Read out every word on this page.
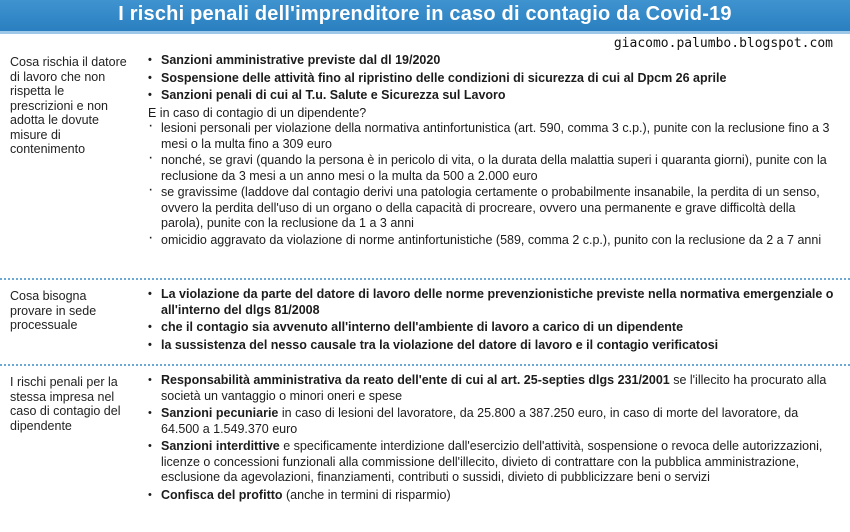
I rischi penali dell'imprenditore in caso di contagio da Covid-19
giacomo.palumbo.blogspot.com
Cosa rischia il datore di lavoro che non rispetta le prescrizioni e non adotta le dovute misure di contenimento
• Sanzioni amministrative previste dal dl 19/2020
• Sospensione delle attività fino al ripristino delle condizioni di sicurezza di cui al Dpcm 26 aprile
• Sanzioni penali di cui al T.u. Salute e Sicurezza sul Lavoro
E in caso di contagio di un dipendente?
· lesioni personali per violazione della normativa antinfortunistica (art. 590, comma 3 c.p.), punite con la reclusione fino a 3 mesi o la multa fino a 309 euro
· nonché, se gravi (quando la persona è in pericolo di vita, o la durata della malattia superi i quaranta giorni), punite con la reclusione da 3 mesi a un anno mesi o la multa da 500 a 2.000 euro
· se gravissime (laddove dal contagio derivi una patologia certamente o probabilmente insanabile, la perdita di un senso, ovvero la perdita dell'uso di un organo o della capacità di procreare, ovvero una permanente e grave difficoltà della parola), punite con la reclusione da 1 a 3 anni
· omicidio aggravato da violazione di norme antinfortunistiche (589, comma 2 c.p.), punito con la reclusione da 2 a 7 anni
Cosa bisogna provare in sede processuale
• La violazione da parte del datore di lavoro delle norme prevenzionistiche previste nella normativa emergenziale o all'interno del dlgs 81/2008
• che il contagio sia avvenuto all'interno dell'ambiente di lavoro a carico di un dipendente
• la sussistenza del nesso causale tra la violazione del datore di lavoro e il contagio verificatosi
I rischi penali per la stessa impresa nel caso di contagio del dipendente
• Responsabilità amministrativa da reato dell'ente di cui al art. 25-septies dlgs 231/2001 se l'illecito ha procurato alla società un vantaggio o minori oneri e spese
• Sanzioni pecuniarie in caso di lesioni del lavoratore, da 25.800 a 387.250 euro, in caso di morte del lavoratore, da 64.500 a 1.549.370 euro
• Sanzioni interdittive e specificamente interdizione dall'esercizio dell'attività, sospensione o revoca delle autorizzazioni, licenze o concessioni funzionali alla commissione dell'illecito, divieto di contrattare con la pubblica amministrazione, esclusione da agevolazioni, finanziamenti, contributi o sussidi, divieto di pubblicizzare beni o servizi
• Confisca del profitto (anche in termini di risparmio)
